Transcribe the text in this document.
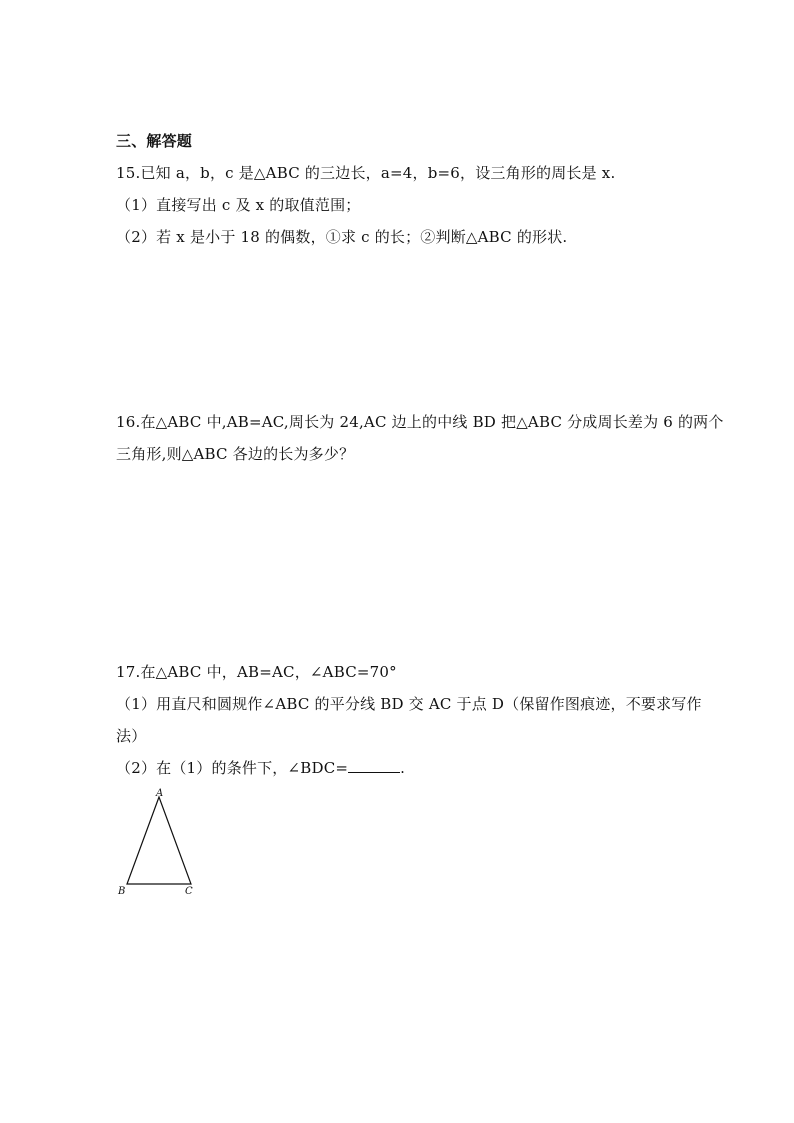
三、解答题
15.已知 a，b，c 是△ABC 的三边长，a=4，b=6，设三角形的周长是 x.
（1）直接写出 c 及 x 的取值范围；
（2）若 x 是小于 18 的偶数，①求 c 的长；②判断△ABC 的形状.
16.在△ABC 中,AB=AC,周长为 24,AC 边上的中线 BD 把△ABC 分成周长差为 6 的两个
三角形,则△ABC 各边的长为多少？
17.在△ABC 中，AB=AC，∠ABC=70°
（1）用直尺和圆规作∠ABC 的平分线 BD 交 AC 于点 D（保留作图痕迹，不要求写作
法）
（2）在（1）的条件下，∠BDC=	.
A
B	C
